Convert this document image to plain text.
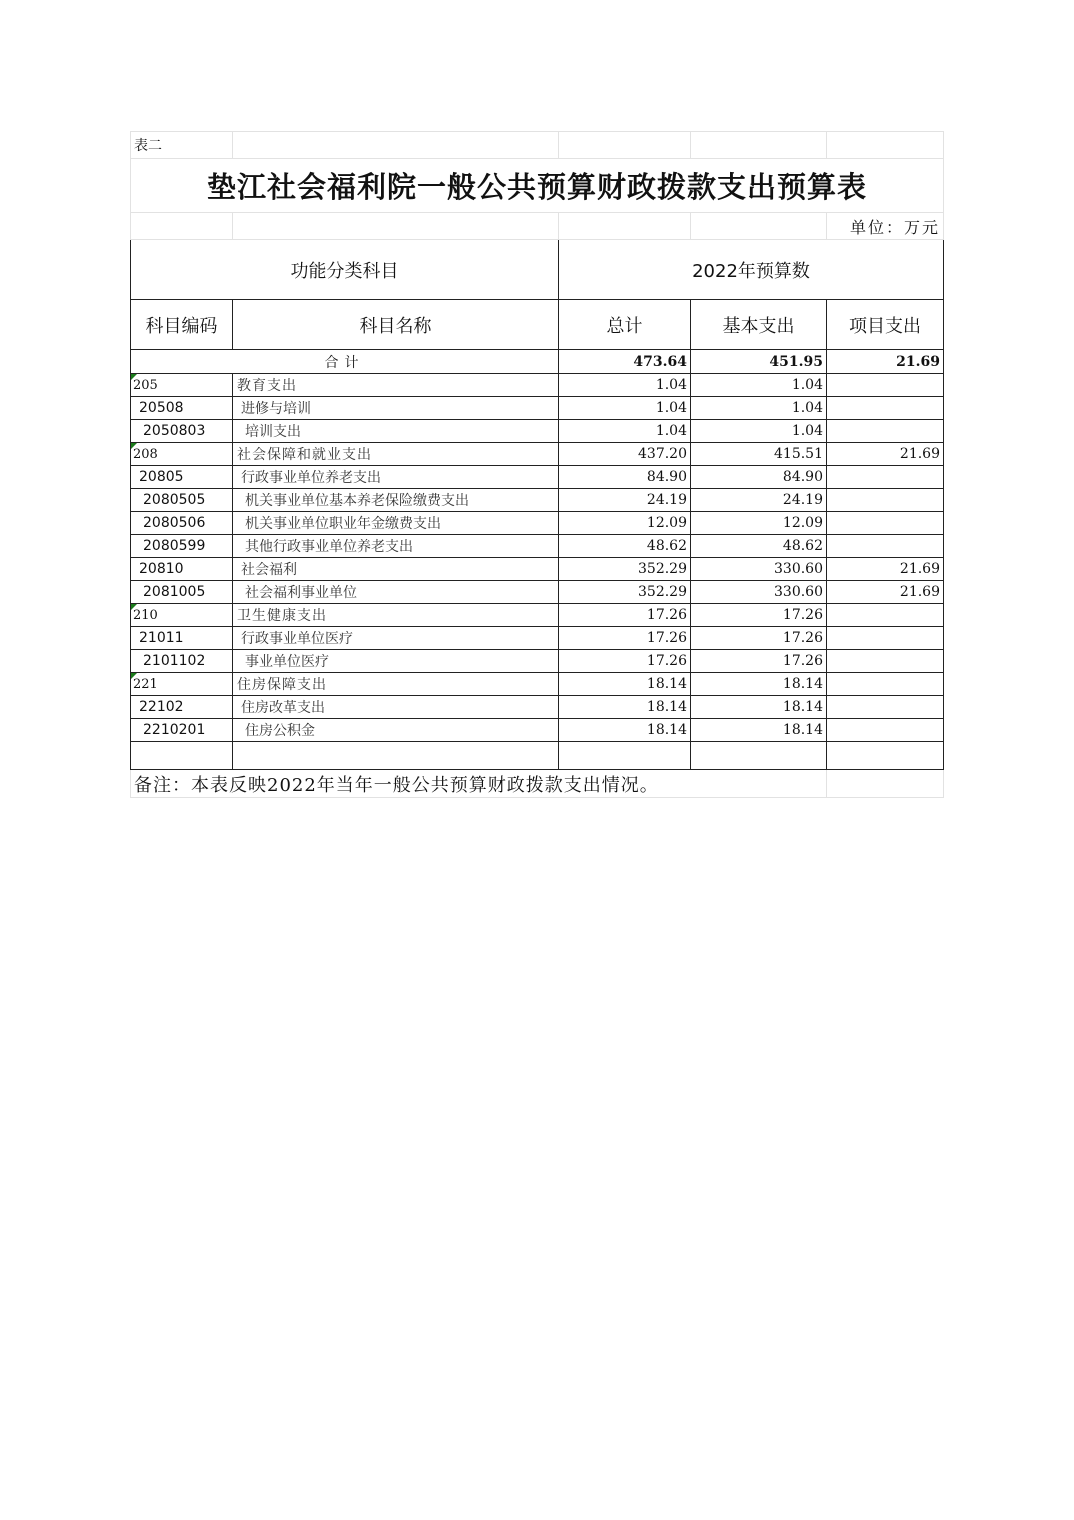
表二				
垫江社会福利院一般公共预算财政拨款支出预算表				
				单位：万元
功能分类科目		2022年预算数		
科目编码	科目名称	总计	基本支出	项目支出
合计		473.64	451.95	21.69
205	教育支出	1.04	1.04	
20508	进修与培训	1.04	1.04	
2050803	培训支出	1.04	1.04	
208	社会保障和就业支出	437.20	415.51	21.69
20805	行政事业单位养老支出	84.90	84.90	
2080505	机关事业单位基本养老保险缴费支出	24.19	24.19	
2080506	机关事业单位职业年金缴费支出	12.09	12.09	
2080599	其他行政事业单位养老支出	48.62	48.62	
20810	社会福利	352.29	330.60	21.69
2081005	社会福利事业单位	352.29	330.60	21.69
210	卫生健康支出	17.26	17.26	
21011	行政事业单位医疗	17.26	17.26	
2101102	事业单位医疗	17.26	17.26	
221	住房保障支出	18.14	18.14	
22102	住房改革支出	18.14	18.14	
2210201	住房公积金	18.14	18.14	

备注：本表反映2022年当年一般公共预算财政拨款支出情况。				
